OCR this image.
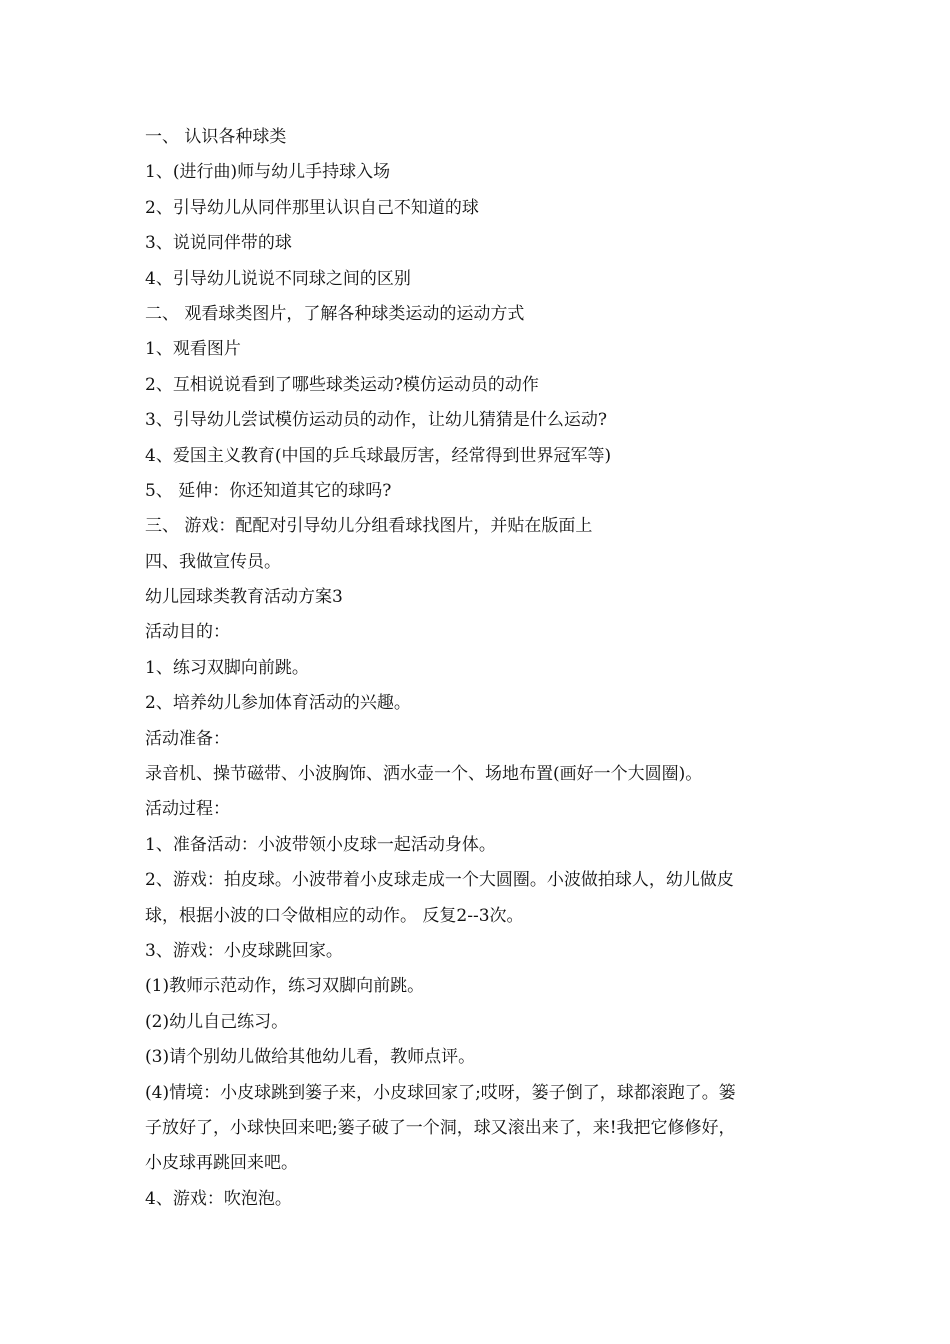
一、 认识各种球类

1、(进行曲)师与幼儿手持球入场

2、引导幼儿从同伴那里认识自己不知道的球

3、说说同伴带的球

4、引导幼儿说说不同球之间的区别

二、 观看球类图片，了解各种球类运动的运动方式

1、观看图片

2、互相说说看到了哪些球类运动?模仿运动员的动作

3、引导幼儿尝试模仿运动员的动作，让幼儿猜猜是什么运动?

4、爱国主义教育(中国的乒乓球最厉害，经常得到世界冠军等)

5、 延伸：你还知道其它的球吗?

三、 游戏：配配对引导幼儿分组看球找图片，并贴在版面上

四、我做宣传员。

幼儿园球类教育活动方案3

活动目的：

1、练习双脚向前跳。

2、培养幼儿参加体育活动的兴趣。

活动准备：

录音机、操节磁带、小波胸饰、洒水壶一个、场地布置(画好一个大圆圈)。

活动过程：

1、准备活动：小波带领小皮球一起活动身体。

2、游戏：拍皮球。小波带着小皮球走成一个大圆圈。小波做拍球人，幼儿做皮

球，根据小波的口令做相应的动作。 反复2--3次。

3、游戏：小皮球跳回家。

(1)教师示范动作，练习双脚向前跳。

(2)幼儿自己练习。

(3)请个别幼儿做给其他幼儿看，教师点评。

(4)情境：小皮球跳到篓子来，小皮球回家了;哎呀，篓子倒了，球都滚跑了。篓

子放好了，小球快回来吧;篓子破了一个洞，球又滚出来了，来!我把它修修好，

小皮球再跳回来吧。

4、游戏：吹泡泡。
